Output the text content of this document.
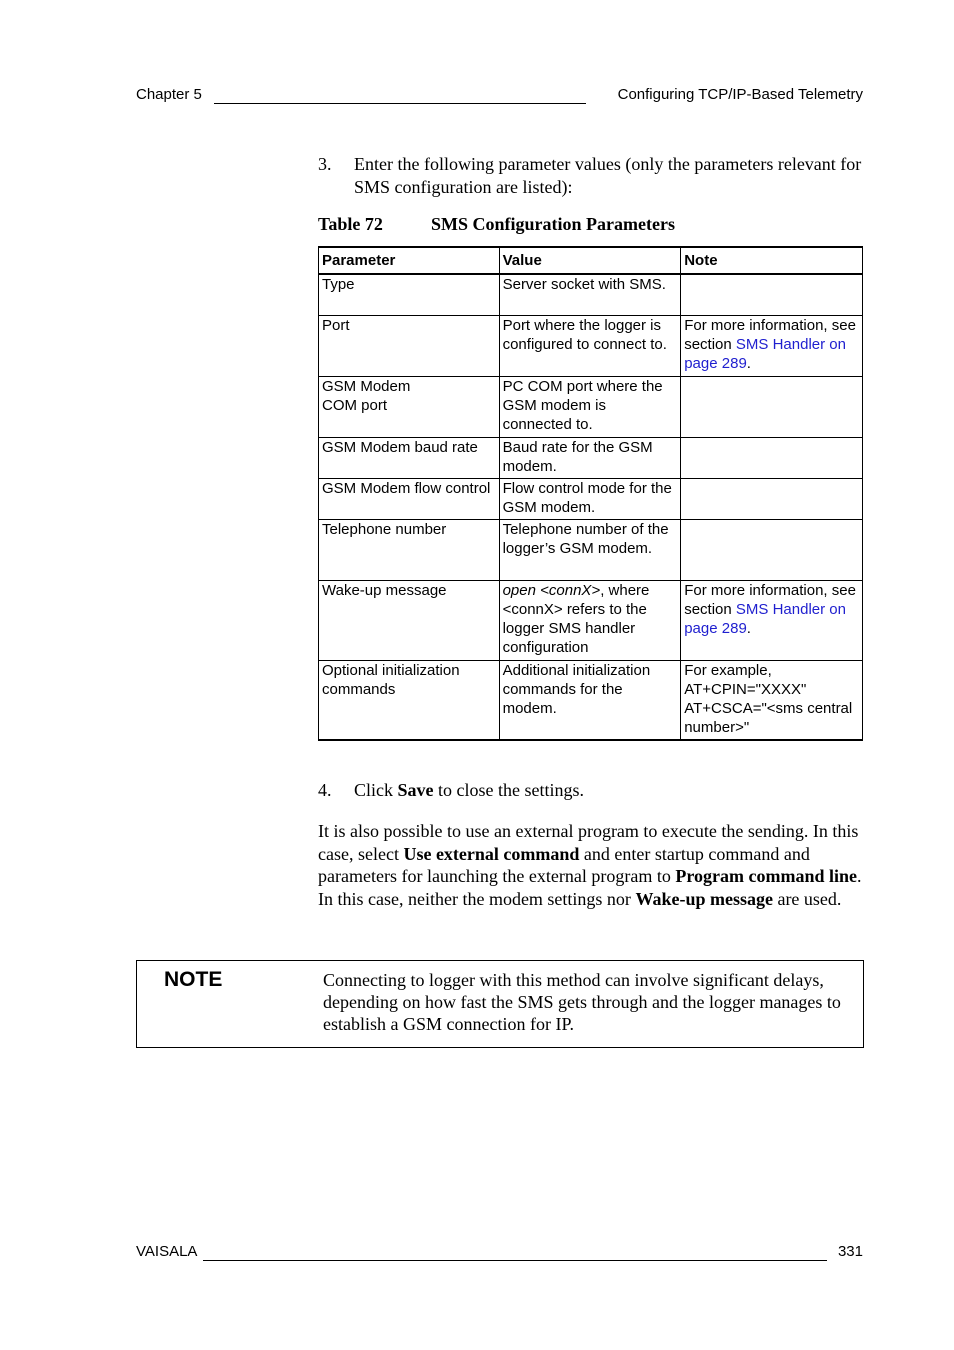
Chapter 5	Configuring TCP/IP-Based Telemetry
3. Enter the following parameter values (only the parameters relevant for SMS configuration are listed):
Table 72	SMS Configuration Parameters
Parameter	Value	Note
Type	Server socket with SMS.	
Port	Port where the logger is configured to connect to.	For more information, see section SMS Handler on page 289.
GSM Modem
COM port	PC COM port where the GSM modem is connected to.	
GSM Modem baud rate	Baud rate for the GSM modem.	
GSM Modem flow control	Flow control mode for the GSM modem.	
Telephone number	Telephone number of the logger’s GSM modem.	
Wake-up message	open <connX>, where <connX> refers to the logger SMS handler configuration	For more information, see section SMS Handler on page 289.
Optional initialization commands	Additional initialization commands for the modem.	For example,
AT+CPIN="XXXX"
AT+CSCA="<sms central number>"
4. Click Save to close the settings.
It is also possible to use an external program to execute the sending. In this case, select Use external command and enter startup command and parameters for launching the external program to Program command line. In this case, neither the modem settings nor Wake-up message are used.
NOTE	Connecting to logger with this method can involve significant delays, depending on how fast the SMS gets through and the logger manages to establish a GSM connection for IP.
VAISALA	331
